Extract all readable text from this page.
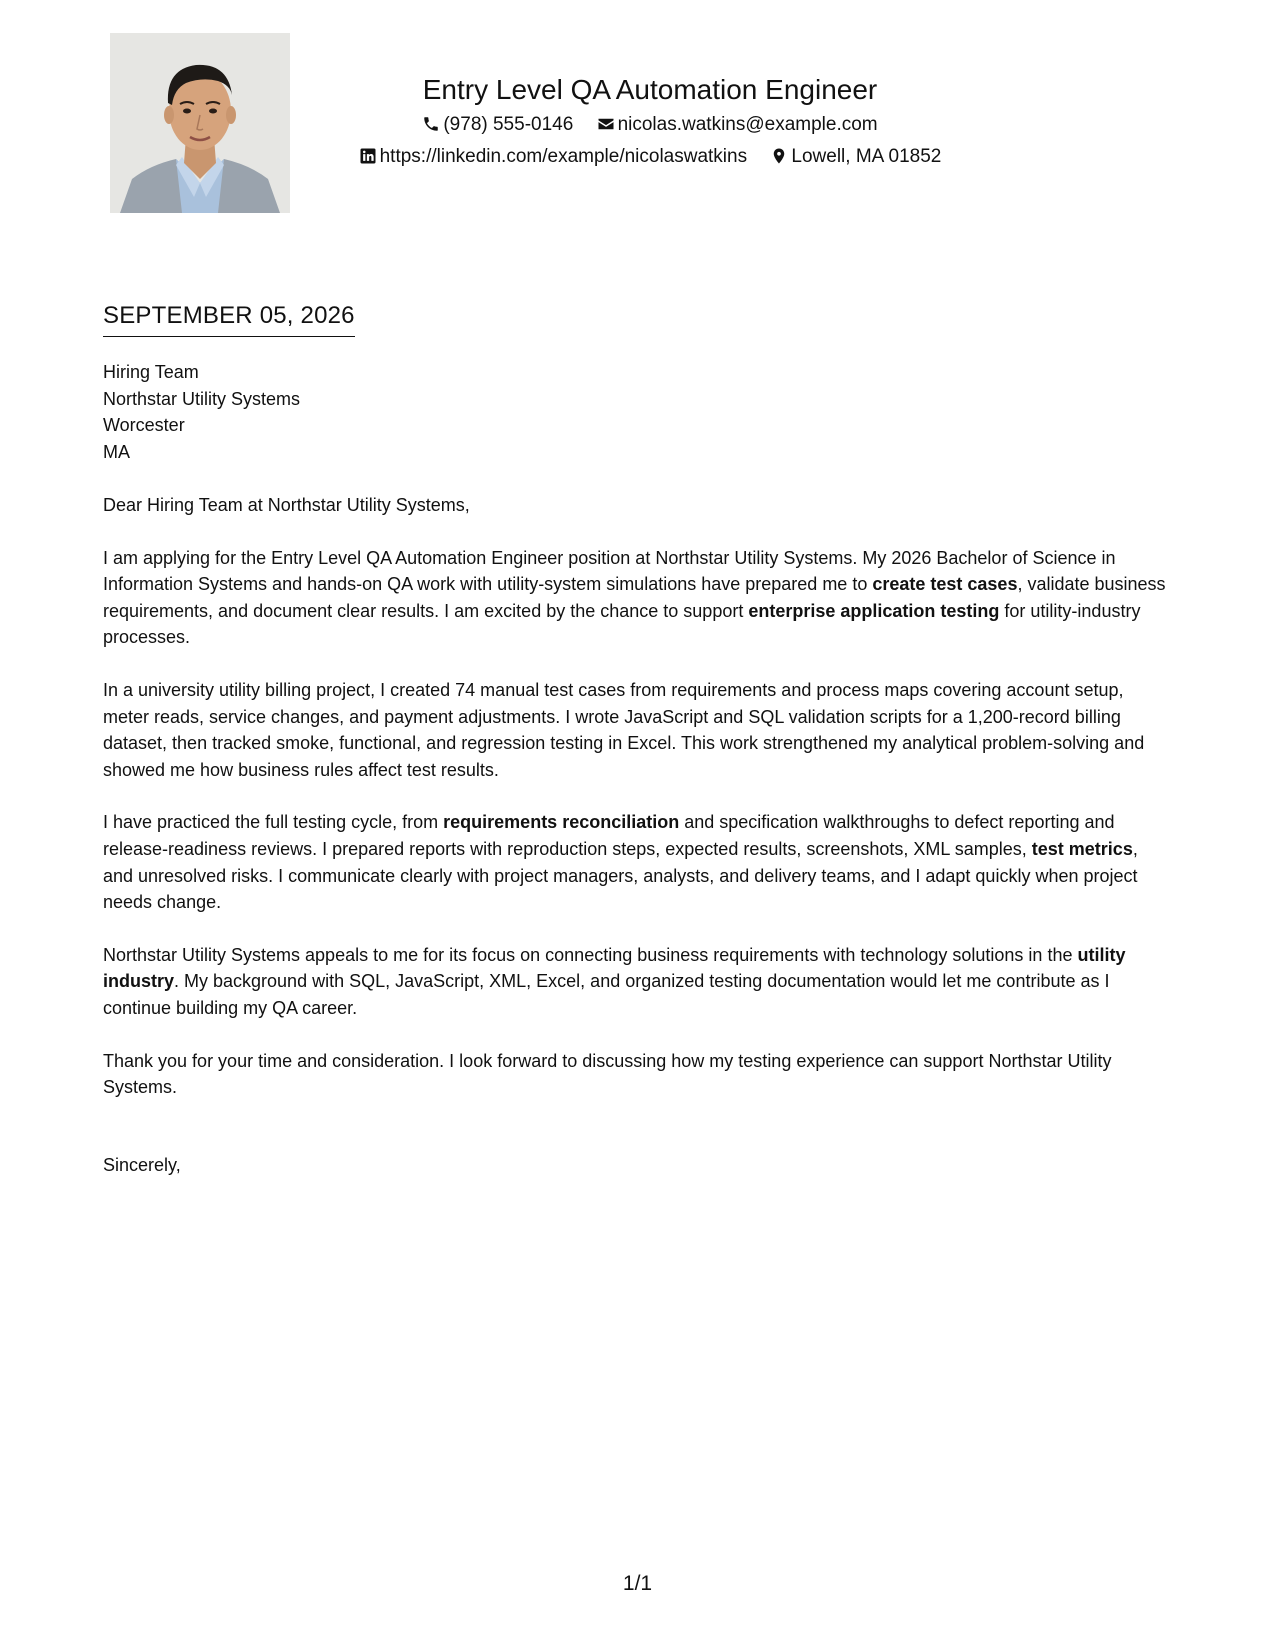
Entry Level QA Automation Engineer
(978) 555-0146 nicolas.watkins@example.com
https://linkedin.com/example/nicolaswatkins Lowell, MA 01852
SEPTEMBER 05, 2026
Hiring Team
Northstar Utility Systems
Worcester
MA

Dear Hiring Team at Northstar Utility Systems,

I am applying for the Entry Level QA Automation Engineer position at Northstar Utility Systems. My 2026 Bachelor of Science in Information Systems and hands-on QA work with utility-system simulations have prepared me to create test cases, validate business requirements, and document clear results. I am excited by the chance to support enterprise application testing for utility-industry processes.

In a university utility billing project, I created 74 manual test cases from requirements and process maps covering account setup, meter reads, service changes, and payment adjustments. I wrote JavaScript and SQL validation scripts for a 1,200-record billing dataset, then tracked smoke, functional, and regression testing in Excel. This work strengthened my analytical problem-solving and showed me how business rules affect test results.

I have practiced the full testing cycle, from requirements reconciliation and specification walkthroughs to defect reporting and release-readiness reviews. I prepared reports with reproduction steps, expected results, screenshots, XML samples, test metrics, and unresolved risks. I communicate clearly with project managers, analysts, and delivery teams, and I adapt quickly when project needs change.

Northstar Utility Systems appeals to me for its focus on connecting business requirements with technology solutions in the utility industry. My background with SQL, JavaScript, XML, Excel, and organized testing documentation would let me contribute as I continue building my QA career.

Thank you for your time and consideration. I look forward to discussing how my testing experience can support Northstar Utility Systems.

Sincerely,
1/1
